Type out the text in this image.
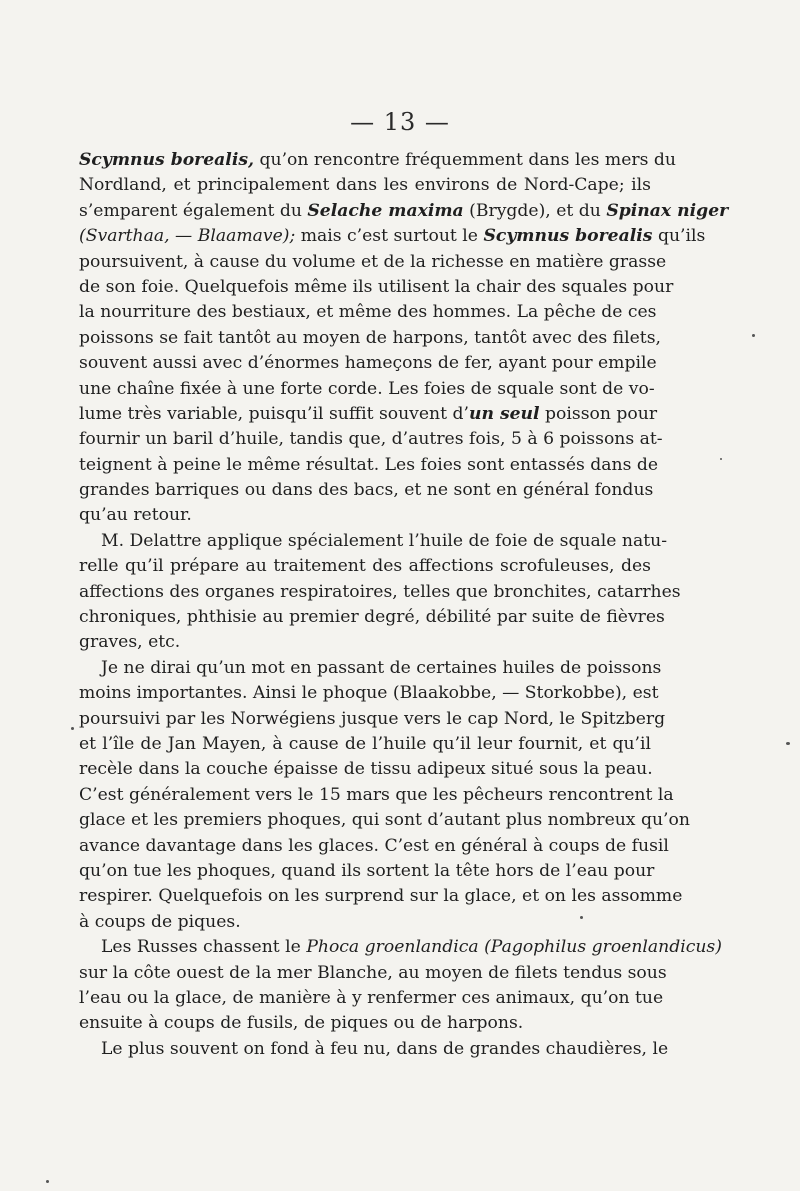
— 13 —
Scymnus borealis, qu’on rencontre fréquemment dans les mers du
Nordland, et principalement dans les environs de Nord-Cape; ils
s’emparent également du Selache maxima (Brygde), et du Spinax niger
(Svarthaa, — Blaamave); mais c’est surtout le Scymnus borealis qu’ils
poursuivent, à cause du volume et de la richesse en matière grasse
de son foie. Quelquefois même ils utilisent la chair des squales pour
la nourriture des bestiaux, et même des hommes. La pêche de ces
poissons se fait tantôt au moyen de harpons, tantôt avec des filets,
souvent aussi avec d’énormes hameçons de fer, ayant pour empile
une chaîne fixée à une forte corde. Les foies de squale sont de vo-
lume très variable, puisqu’il suffit souvent d’un seul poisson pour
fournir un baril d’huile, tandis que, d’autres fois, 5 à 6 poissons at-
teignent à peine le même résultat. Les foies sont entassés dans de
grandes barriques ou dans des bacs, et ne sont en général fondus
qu’au retour.
M. Delattre applique spécialement l’huile de foie de squale natu-
relle qu’il prépare au traitement des affections scrofuleuses, des
affections des organes respiratoires, telles que bronchites, catarrhes
chroniques, phthisie au premier degré, débilité par suite de fièvres
graves, etc.
Je ne dirai qu’un mot en passant de certaines huiles de poissons
moins importantes. Ainsi le phoque (Blaakobbe, — Storkobbe), est
poursuivi par les Norwégiens jusque vers le cap Nord, le Spitzberg
et l’île de Jan Mayen, à cause de l’huile qu’il leur fournit, et qu’il
recèle dans la couche épaisse de tissu adipeux situé sous la peau.
C’est généralement vers le 15 mars que les pêcheurs rencontrent la
glace et les premiers phoques, qui sont d’autant plus nombreux qu’on
avance davantage dans les glaces. C’est en général à coups de fusil
qu’on tue les phoques, quand ils sortent la tête hors de l’eau pour
respirer. Quelquefois on les surprend sur la glace, et on les assomme
à coups de piques.
Les Russes chassent le Phoca groenlandica (Pagophilus groenlandicus)
sur la côte ouest de la mer Blanche, au moyen de filets tendus sous
l’eau ou la glace, de manière à y renfermer ces animaux, qu’on tue
ensuite à coups de fusils, de piques ou de harpons.
Le plus souvent on fond à feu nu, dans de grandes chaudières, le
